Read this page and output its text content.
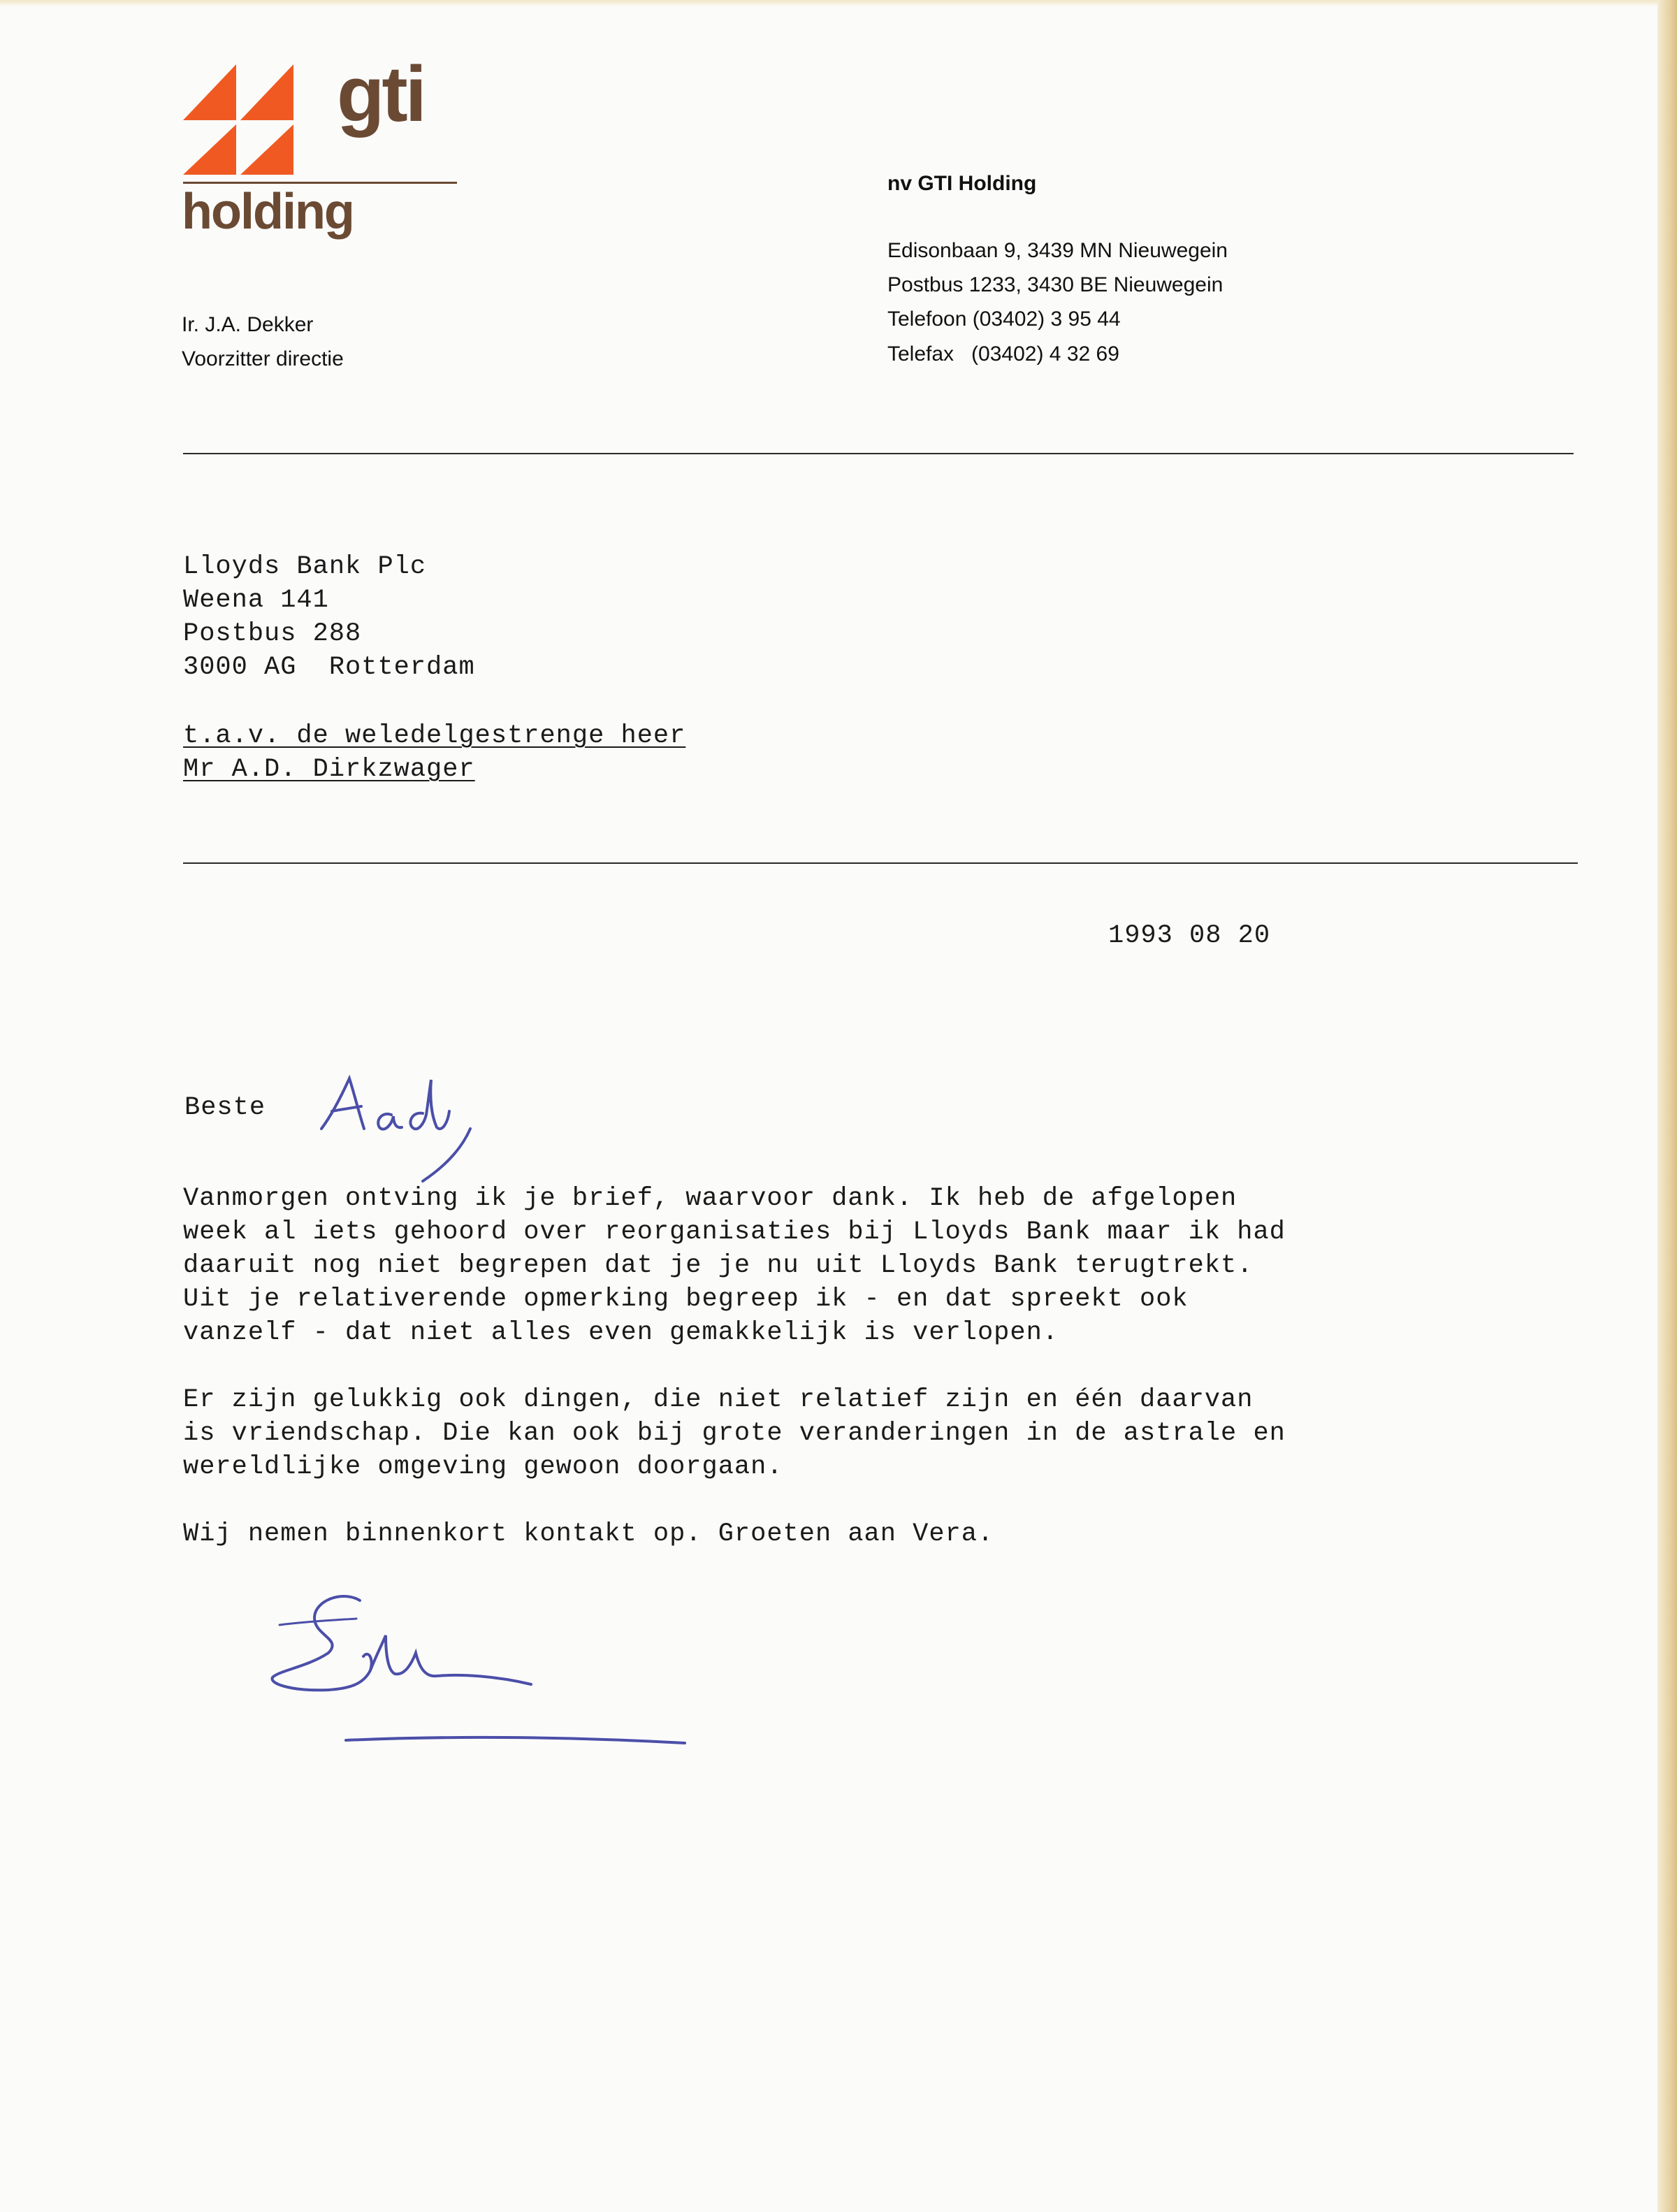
gti
holding
Ir. J.A. Dekker
Voorzitter directie
nv GTI Holding
Edisonbaan 9, 3439 MN Nieuwegein
Postbus 1233, 3430 BE Nieuwegein
Telefoon (03402) 3 95 44
Telefax   (03402) 4 32 69
Lloyds Bank Plc
Weena 141
Postbus 288
3000 AG  Rotterdam
t.a.v. de weledelgestrenge heer
Mr A.D. Dirkzwager
1993 08 20
Beste
Vanmorgen ontving ik je brief, waarvoor dank. Ik heb de afgelopen
week al iets gehoord over reorganisaties bij Lloyds Bank maar ik had
daaruit nog niet begrepen dat je je nu uit Lloyds Bank terugtrekt.
Uit je relativerende opmerking begreep ik - en dat spreekt ook
vanzelf - dat niet alles even gemakkelijk is verlopen.
Er zijn gelukkig ook dingen, die niet relatief zijn en één daarvan
is vriendschap. Die kan ook bij grote veranderingen in de astrale en
wereldlijke omgeving gewoon doorgaan.
Wij nemen binnenkort kontakt op. Groeten aan Vera.
